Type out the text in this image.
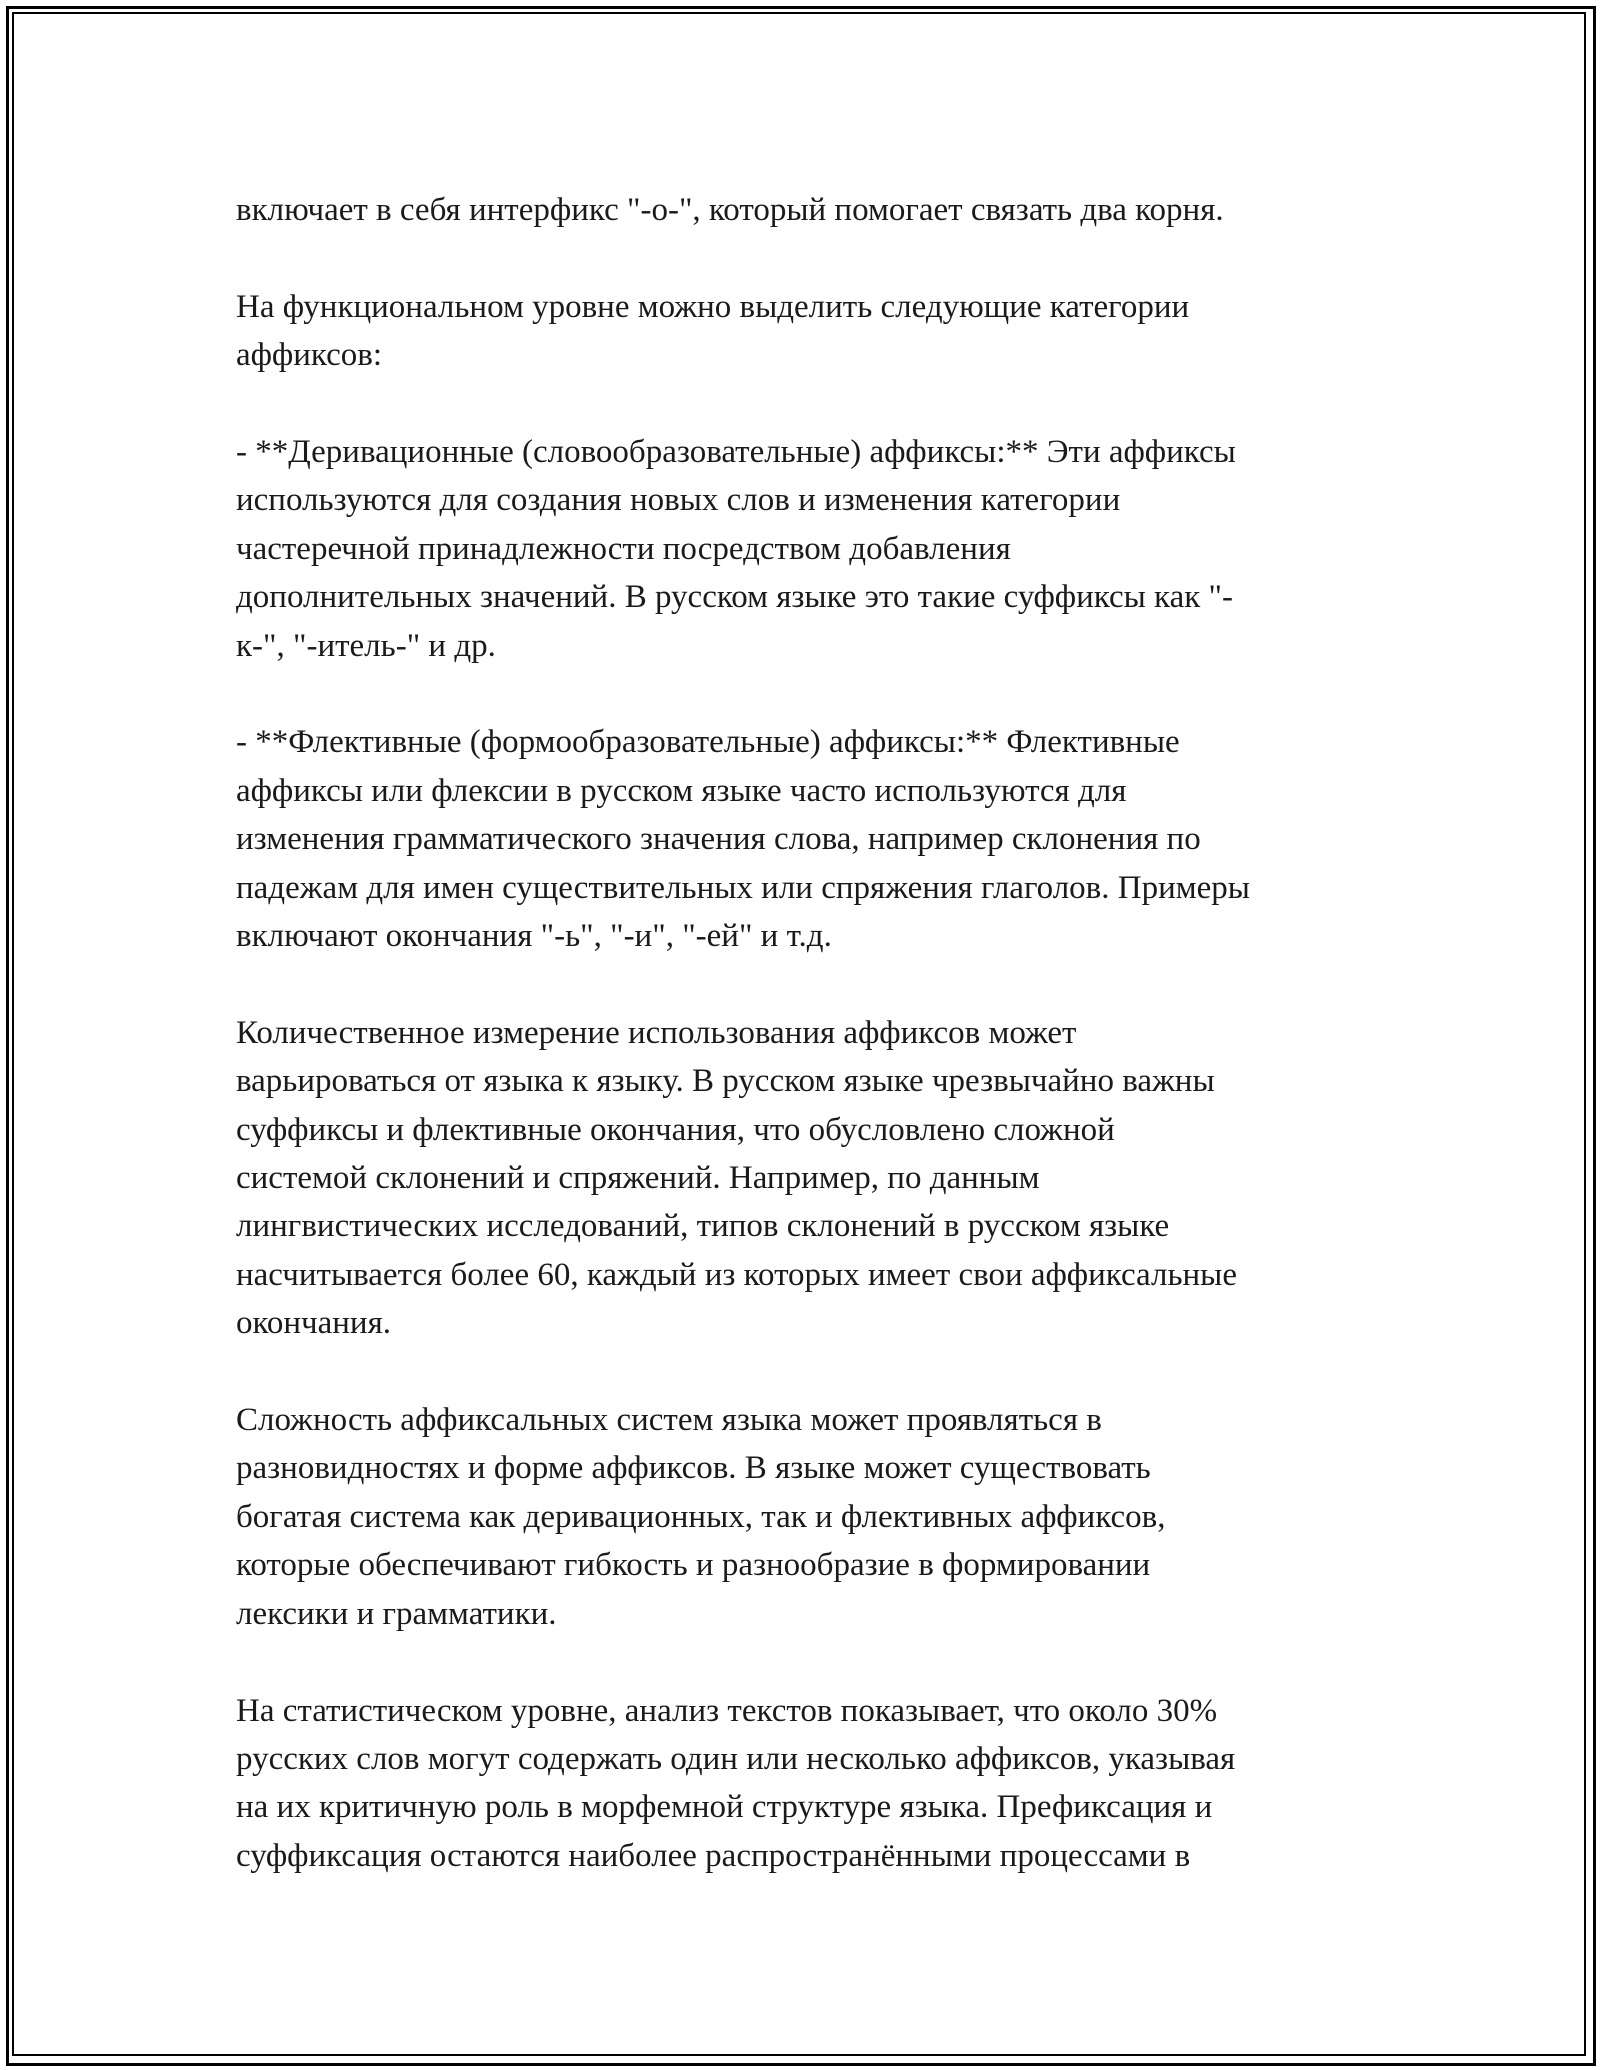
включает в себя интерфикс "-о-", который помогает связать два корня.

На функциональном уровне можно выделить следующие категории
аффиксов:

- **Деривационные (словообразовательные) аффиксы:** Эти аффиксы
используются для создания новых слов и изменения категории
частеречной принадлежности посредством добавления
дополнительных значений. В русском языке это такие суффиксы как "-
к-", "-итель-" и др.

- **Флективные (формообразовательные) аффиксы:** Флективные
аффиксы или флексии в русском языке часто используются для
изменения грамматического значения слова, например склонения по
падежам для имен существительных или спряжения глаголов. Примеры
включают окончания "-ь", "-и", "-ей" и т.д.

Количественное измерение использования аффиксов может
варьироваться от языка к языку. В русском языке чрезвычайно важны
суффиксы и флективные окончания, что обусловлено сложной
системой склонений и спряжений. Например, по данным
лингвистических исследований, типов склонений в русском языке
насчитывается более 60, каждый из которых имеет свои аффиксальные
окончания.

Сложность аффиксальных систем языка может проявляться в
разновидностях и форме аффиксов. В языке может существовать
богатая система как деривационных, так и флективных аффиксов,
которые обеспечивают гибкость и разнообразие в формировании
лексики и грамматики.

На статистическом уровне, анализ текстов показывает, что около 30%
русских слов могут содержать один или несколько аффиксов, указывая
на их критичную роль в морфемной структуре языка. Префиксация и
суффиксация остаются наиболее распространёнными процессами в
